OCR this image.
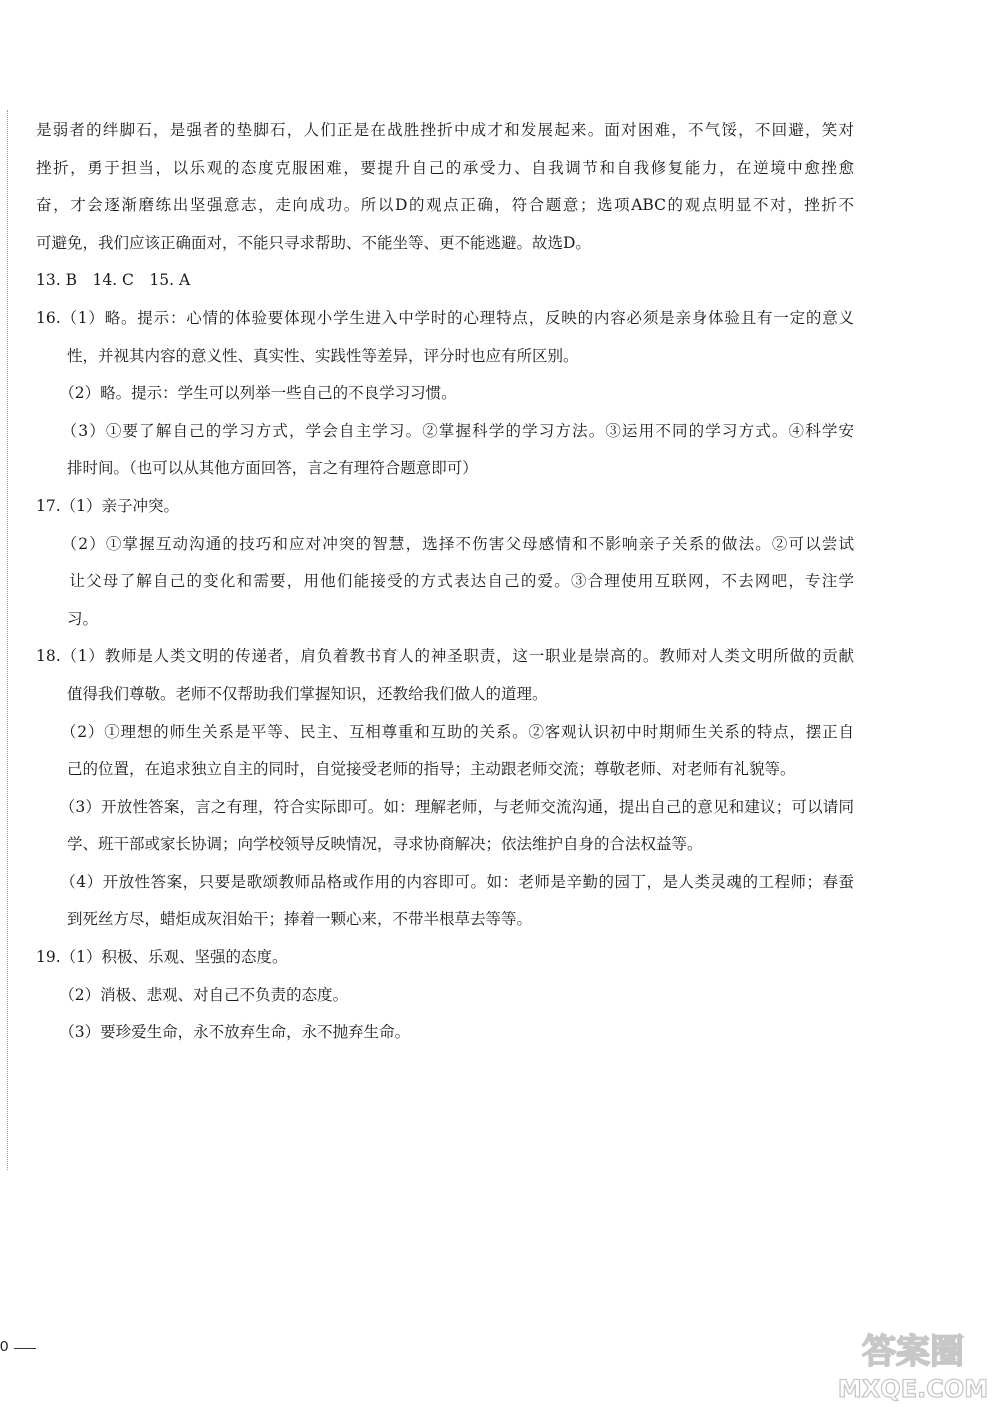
是弱者的绊脚石，是强者的垫脚石，人们正是在战胜挫折中成才和发展起来。面对困难，不气馁，不回避，笑对
挫折，勇于担当，以乐观的态度克服困难，要提升自己的承受力、自我调节和自我修复能力，在逆境中愈挫愈
奋，才会逐渐磨练出坚强意志，走向成功。所以D的观点正确，符合题意；选项ABC的观点明显不对，挫折不
可避免，我们应该正确面对，不能只寻求帮助、不能坐等、更不能逃避。故选D。
13. B　14. C　15. A
16.（1）略。提示：心情的体验要体现小学生进入中学时的心理特点，反映的内容必须是亲身体验且有一定的意义
　　性，并视其内容的意义性、真实性、实践性等差异，评分时也应有所区别。
　　（2）略。提示：学生可以列举一些自己的不良学习习惯。
　　（3）①要了解自己的学习方式，学会自主学习。②掌握科学的学习方法。③运用不同的学习方式。④科学安
　　排时间。（也可以从其他方面回答，言之有理符合题意即可）
17.（1）亲子冲突。
　　（2）①掌握互动沟通的技巧和应对冲突的智慧，选择不伤害父母感情和不影响亲子关系的做法。②可以尝试
　　让父母了解自己的变化和需要，用他们能接受的方式表达自己的爱。③合理使用互联网，不去网吧，专注学
　　习。
18.（1）教师是人类文明的传递者，肩负着教书育人的神圣职责，这一职业是崇高的。教师对人类文明所做的贡献
　　值得我们尊敬。老师不仅帮助我们掌握知识，还教给我们做人的道理。
　　（2）①理想的师生关系是平等、民主、互相尊重和互助的关系。②客观认识初中时期师生关系的特点，摆正自
　　己的位置，在追求独立自主的同时，自觉接受老师的指导；主动跟老师交流；尊敬老师、对老师有礼貌等。
　　（3）开放性答案，言之有理，符合实际即可。如：理解老师，与老师交流沟通，提出自己的意见和建议；可以请同
　　学、班干部或家长协调；向学校领导反映情况，寻求协商解决；依法维护自身的合法权益等。
　　（4）开放性答案，只要是歌颂教师品格或作用的内容即可。如：老师是辛勤的园丁，是人类灵魂的工程师；春蚕
　　到死丝方尽，蜡炬成灰泪始干；捧着一颗心来，不带半根草去等等。
19.（1）积极、乐观、坚强的态度。
　　（2）消极、悲观、对自己不负责的态度。
　　（3）要珍爱生命，永不放弃生命，永不抛弃生命。
0	答案圈
MXQE.COM
